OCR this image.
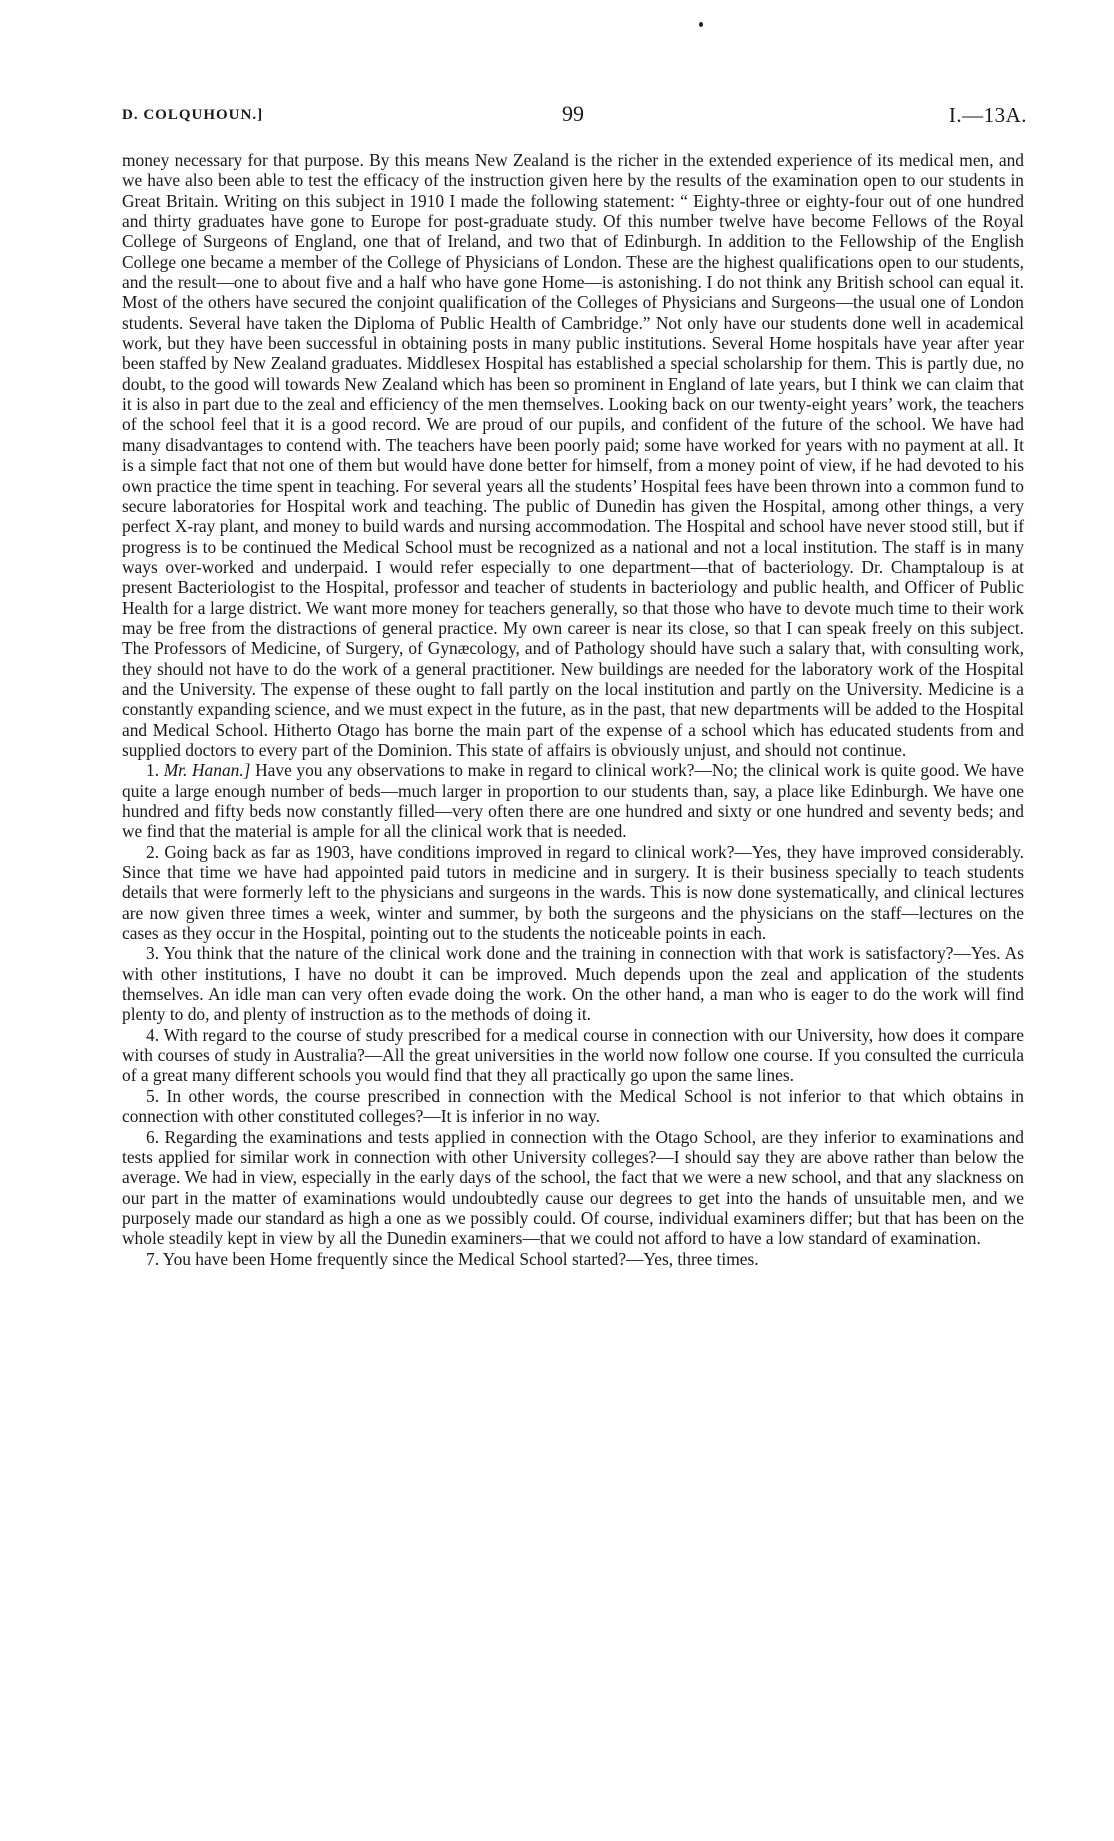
D. COLQUHOUN.]	99	I.—13A.

money necessary for that purpose. By this means New Zealand is the richer in the extended experience of its medical men, and we have also been able to test the efficacy of the instruction given here by the results of the examination open to our students in Great Britain. Writing on this subject in 1910 I made the following statement: “ Eighty-three or eighty-four out of one hundred and thirty graduates have gone to Europe for post-graduate study. Of this number twelve have become Fellows of the Royal College of Surgeons of England, one that of Ireland, and two that of Edinburgh. In addition to the Fellowship of the English College one became a member of the College of Physicians of London. These are the highest qualifications open to our students, and the result—one to about five and a half who have gone Home—is astonishing. I do not think any British school can equal it. Most of the others have secured the conjoint qualification of the Colleges of Physicians and Surgeons—the usual one of London students. Several have taken the Diploma of Public Health of Cambridge.” Not only have our students done well in academical work, but they have been successful in obtaining posts in many public institutions. Several Home hospitals have year after year been staffed by New Zealand graduates. Middlesex Hospital has established a special scholarship for them. This is partly due, no doubt, to the good will towards New Zealand which has been so prominent in England of late years, but I think we can claim that it is also in part due to the zeal and efficiency of the men themselves. Looking back on our twenty-eight years’ work, the teachers of the school feel that it is a good record. We are proud of our pupils, and confident of the future of the school. We have had many disadvantages to contend with. The teachers have been poorly paid; some have worked for years with no payment at all. It is a simple fact that not one of them but would have done better for himself, from a money point of view, if he had devoted to his own practice the time spent in teaching. For several years all the students’ Hospital fees have been thrown into a common fund to secure laboratories for Hospital work and teaching. The public of Dunedin has given the Hospital, among other things, a very perfect X-ray plant, and money to build wards and nursing accommodation. The Hospital and school have never stood still, but if progress is to be continued the Medical School must be recognized as a national and not a local institution. The staff is in many ways over-worked and underpaid. I would refer especially to one department—that of bacteriology. Dr. Champtaloup is at present Bacteriologist to the Hospital, professor and teacher of students in bacteriology and public health, and Officer of Public Health for a large district. We want more money for teachers generally, so that those who have to devote much time to their work may be free from the distractions of general practice. My own career is near its close, so that I can speak freely on this subject. The Professors of Medicine, of Surgery, of Gynæcology, and of Pathology should have such a salary that, with consulting work, they should not have to do the work of a general practitioner. New buildings are needed for the laboratory work of the Hospital and the University. The expense of these ought to fall partly on the local institution and partly on the University. Medicine is a constantly expanding science, and we must expect in the future, as in the past, that new departments will be added to the Hospital and Medical School. Hitherto Otago has borne the main part of the expense of a school which has educated students from and supplied doctors to every part of the Dominion. This state of affairs is obviously unjust, and should not continue.

1. Mr. Hanan.] Have you any observations to make in regard to clinical work?—No; the clinical work is quite good. We have quite a large enough number of beds—much larger in proportion to our students than, say, a place like Edinburgh. We have one hundred and fifty beds now constantly filled—very often there are one hundred and sixty or one hundred and seventy beds; and we find that the material is ample for all the clinical work that is needed.

2. Going back as far as 1903, have conditions improved in regard to clinical work?—Yes, they have improved considerably. Since that time we have had appointed paid tutors in medicine and in surgery. It is their business specially to teach students details that were formerly left to the physicians and surgeons in the wards. This is now done systematically, and clinical lectures are now given three times a week, winter and summer, by both the surgeons and the physicians on the staff—lectures on the cases as they occur in the Hospital, pointing out to the students the noticeable points in each.

3. You think that the nature of the clinical work done and the training in connection with that work is satisfactory?—Yes. As with other institutions, I have no doubt it can be improved. Much depends upon the zeal and application of the students themselves. An idle man can very often evade doing the work. On the other hand, a man who is eager to do the work will find plenty to do, and plenty of instruction as to the methods of doing it.

4. With regard to the course of study prescribed for a medical course in connection with our University, how does it compare with courses of study in Australia?—All the great universities in the world now follow one course. If you consulted the curricula of a great many different schools you would find that they all practically go upon the same lines.

5. In other words, the course prescribed in connection with the Medical School is not inferior to that which obtains in connection with other constituted colleges?—It is inferior in no way.

6. Regarding the examinations and tests applied in connection with the Otago School, are they inferior to examinations and tests applied for similar work in connection with other University colleges?—I should say they are above rather than below the average. We had in view, especially in the early days of the school, the fact that we were a new school, and that any slackness on our part in the matter of examinations would undoubtedly cause our degrees to get into the hands of unsuitable men, and we purposely made our standard as high a one as we possibly could. Of course, individual examiners differ; but that has been on the whole steadily kept in view by all the Dunedin examiners—that we could not afford to have a low standard of examination.

7. You have been Home frequently since the Medical School started?—Yes, three times.
